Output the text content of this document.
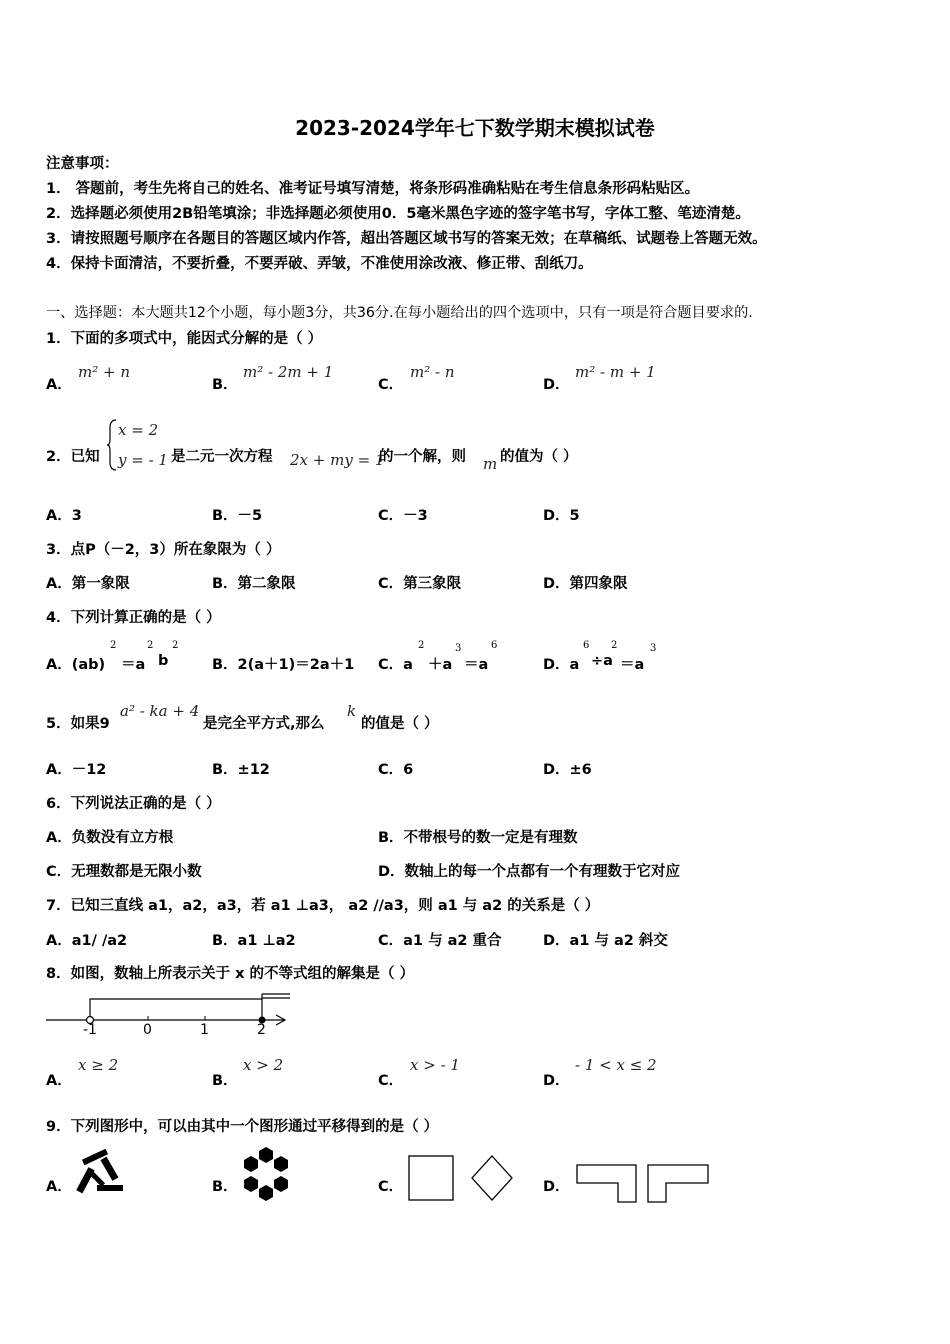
2023-2024学年七下数学期末模拟试卷
注意事项：
1． 答题前，考生先将自己的姓名、准考证号填写清楚，将条形码准确粘贴在考生信息条形码粘贴区。
2．选择题必须使用2B铅笔填涂；非选择题必须使用0．5毫米黑色字迹的签字笔书写，字体工整、笔迹清楚。
3．请按照题号顺序在各题目的答题区域内作答，超出答题区域书写的答案无效；在草稿纸、试题卷上答题无效。
4．保持卡面清洁，不要折叠，不要弄破、弄皱，不准使用涂改液、修正带、刮纸刀。
一、选择题：本大题共12个小题，每小题3分，共36分.在每小题给出的四个选项中，只有一项是符合题目要求的.
1．下面的多项式中，能因式分解的是（ ）
A．
m² + n
B．
m² - 2m + 1
C．
m² - n
D．
m² - m + 1
2．已知
x = 2
y = - 1 是二元一次方程 2x + my = 1
的一个解，则 m 的值为（ ）
A．3	B．－5	C．－3	D．5
3．点P（－2，3）所在象限为（ ）
A．第一象限	B．第二象限	C．第三象限	D．第四象限
4．下列计算正确的是（ ）
A．(ab)
2
＝a
2
b
2
B．2(a＋1)＝2a＋1 C．a
2
＋a
3
＝a
6
D．a
6
÷a
2
＝a
3
5．如果9
a² - ka + 4
是完全平方式,那么
k
的值是（ ）
A．－12	B．±12	C．6	D．±6
6．下列说法正确的是（ ）
A．负数没有立方根	B．不带根号的数一定是有理数
C．无理数都是无限小数	D．数轴上的每一个点都有一个有理数于它对应
7．已知三直线 a1，a2，a3，若 a1 ⊥a3， a2 //a3，则 a1 与 a2 的关系是（ ）
A．a1/ /a2	B．a1 ⊥a2	C．a1 与 a2 重合	D．a1 与 a2 斜交
8．如图，数轴上所表示关于 x 的不等式组的解集是（ ）
-1	0	1	2
A．
x ≥ 2
B．
x > 2
C．
x > - 1
D．
- 1 < x ≤ 2
9．下列图形中，可以由其中一个图形通过平移得到的是（ ）
A．	B．	C．	D．
